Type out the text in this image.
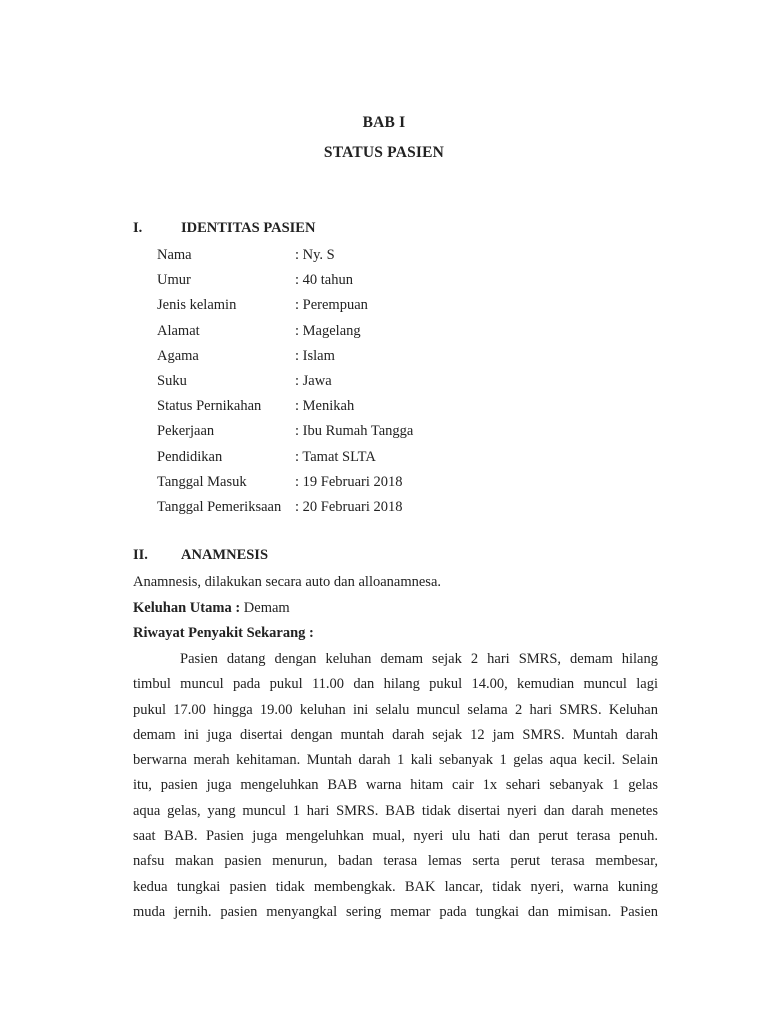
BAB I
STATUS PASIEN
I.	IDENTITAS PASIEN
Nama	: Ny. S
Umur	: 40 tahun
Jenis kelamin	: Perempuan
Alamat	: Magelang
Agama	: Islam
Suku	: Jawa
Status Pernikahan : Menikah
Pekerjaan	: Ibu Rumah Tangga
Pendidikan	: Tamat SLTA
Tanggal Masuk	: 19 Februari 2018
Tanggal Pemeriksaan : 20 Februari 2018
II. ANAMNESIS
Anamnesis, dilakukan secara auto dan alloanamnesa.
Keluhan Utama : Demam
Riwayat Penyakit Sekarang :
Pasien datang dengan keluhan demam sejak 2 hari SMRS, demam hilang
timbul muncul pada pukul 11.00 dan hilang pukul 14.00, kemudian muncul lagi
pukul 17.00 hingga 19.00 keluhan ini selalu muncul selama 2 hari SMRS. Keluhan
demam ini juga disertai dengan muntah darah sejak 12 jam SMRS. Muntah darah
berwarna merah kehitaman. Muntah darah 1 kali sebanyak 1 gelas aqua kecil. Selain
itu, pasien juga mengeluhkan BAB warna hitam cair 1x sehari sebanyak 1 gelas
aqua gelas, yang muncul 1 hari SMRS. BAB tidak disertai nyeri dan darah menetes
saat BAB. Pasien juga mengeluhkan mual, nyeri ulu hati dan perut terasa penuh.
nafsu makan pasien menurun, badan terasa lemas serta perut terasa membesar,
kedua tungkai pasien tidak membengkak. BAK lancar, tidak nyeri, warna kuning
muda jernih. pasien menyangkal sering memar pada tungkai dan mimisan. Pasien
